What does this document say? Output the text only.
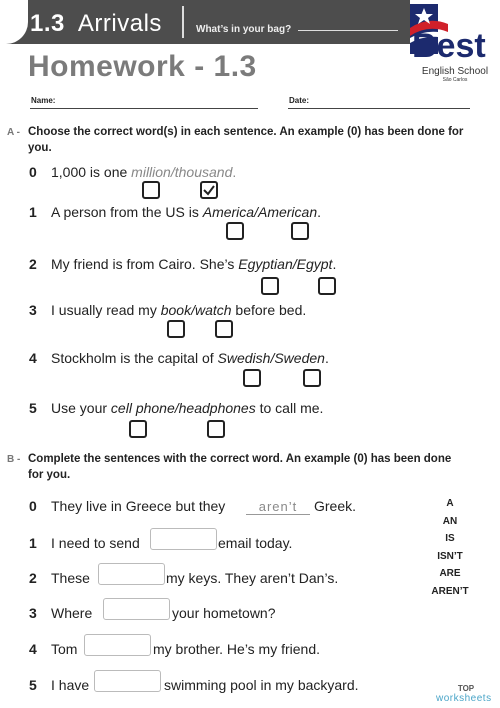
1.3 Arrivals	What’s in your bag?
Homework - 1.3
Best
English School
São Carlos
Name:	Date:
A - Choose the correct word(s) in each sentence. An example (0) has been done for
you.
0 1,000 is one million/thousand.
1 A person from the US is America/American.
2 My friend is from Cairo. She’s Egyptian/Egypt.
3 I usually read my book/watch before bed.
4 Stockholm is the capital of Swedish/Sweden.
5 Use your cell phone/headphones to call me.
B - Complete the sentences with the correct word. An example (0) has been done
for you.
0 They live in Greece but they	aren’t	Greek.
1 I need to send	email today.
2 These	my keys. They aren’t Dan’s.
3 Where	your hometown?
4 Tom	my brother. He’s my friend.
5 I have	swimming pool in my backyard.
A
AN
IS
ISN’T
ARE
AREN’T
TOP
worksheets
